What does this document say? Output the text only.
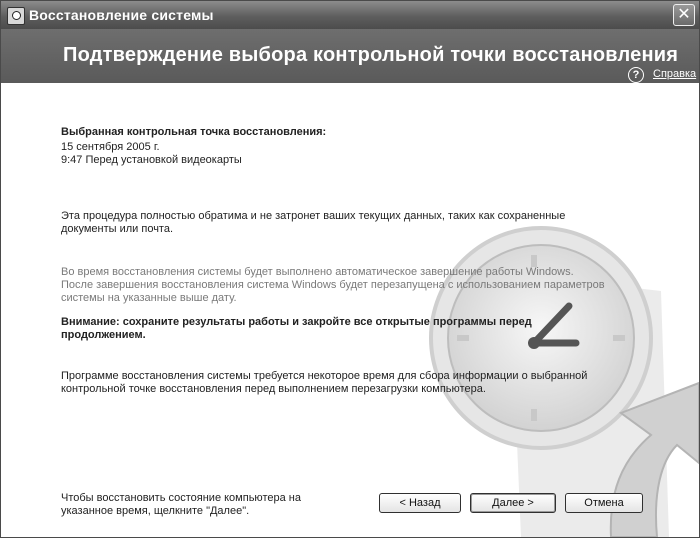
Восстановление системы	✕
Подтверждение выбора контрольной точки восстановления
?	Справка
Выбранная контрольная точка восстановления:
15 сентября 2005 г.
9:47 Перед установкой видеокарты
Эта процедура полностью обратима и не затронет ваших текущих данных, таких как сохраненные
документы или почта.
Во время восстановления системы будет выполнено автоматическое завершение работы Windows.
После завершения восстановления система Windows будет перезапущена с использованием параметров
системы на указанные выше дату.
Внимание: сохраните результаты работы и закройте все открытые программы перед
продолжением.
Программе восстановления системы требуется некоторое время для сбора информации о выбранной
контрольной точке восстановления перед выполнением перезагрузки компьютера.
Чтобы восстановить состояние компьютера на
указанное время, щелкните "Далее".
< Назад	Далее >	Отмена
